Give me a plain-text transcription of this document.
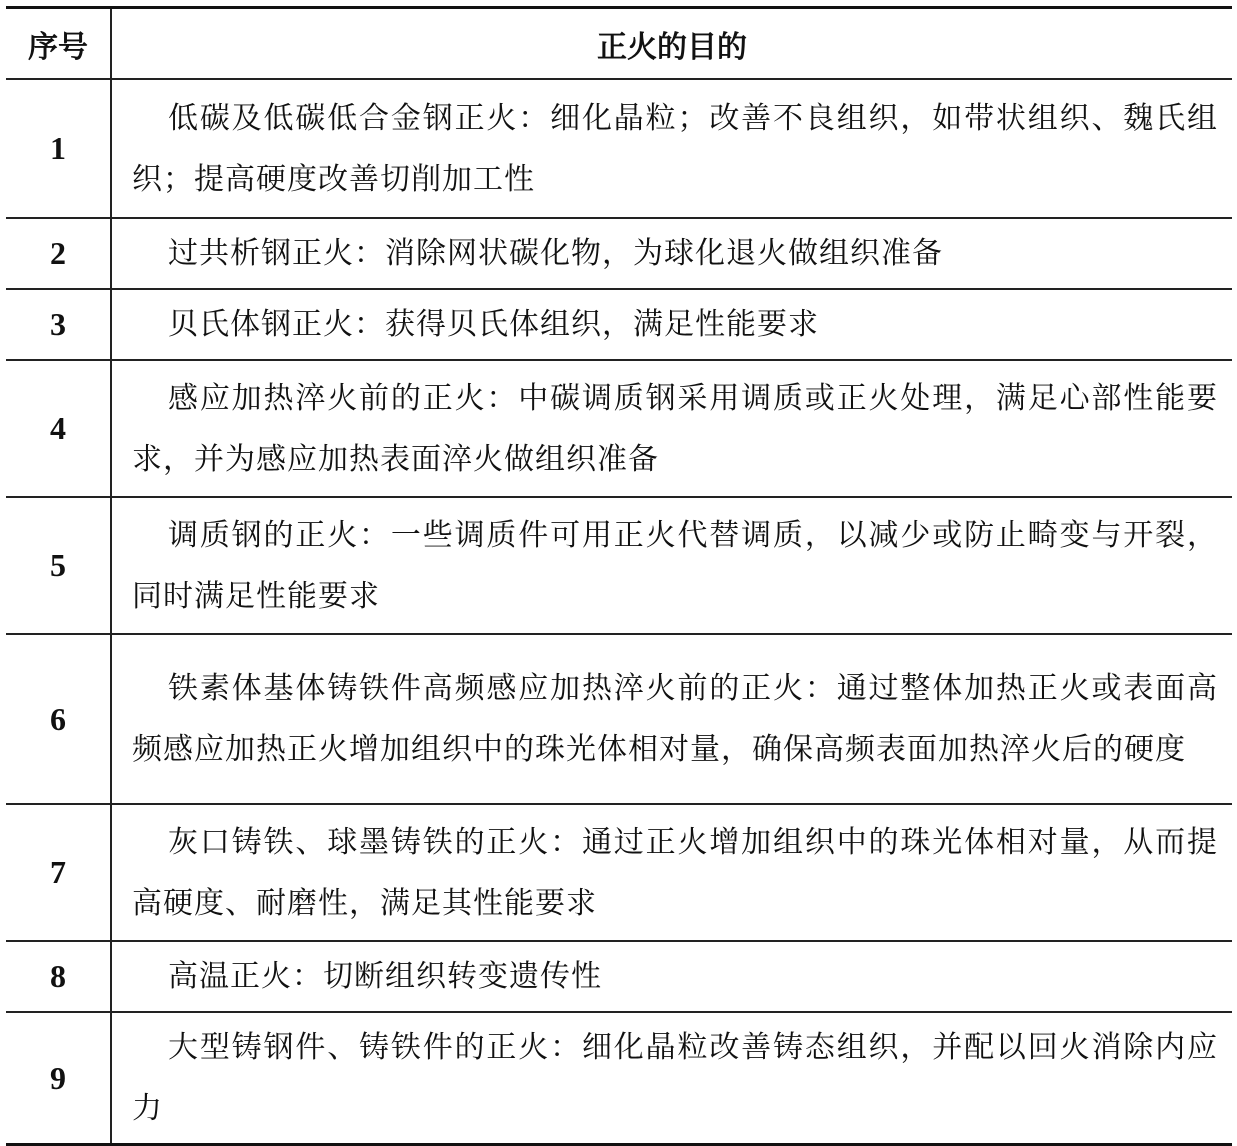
序号	正火的目的
1	低碳及低碳低合金钢正火：细化晶粒；改善不良组织，如带状组织、魏氏组织；提高硬度改善切削加工性
2	过共析钢正火：消除网状碳化物，为球化退火做组织准备
3	贝氏体钢正火：获得贝氏体组织，满足性能要求
4	感应加热淬火前的正火：中碳调质钢采用调质或正火处理，满足心部性能要求，并为感应加热表面淬火做组织准备
5	调质钢的正火：一些调质件可用正火代替调质，以减少或防止畸变与开裂，同时满足性能要求
6	铁素体基体铸铁件高频感应加热淬火前的正火：通过整体加热正火或表面高频感应加热正火增加组织中的珠光体相对量，确保高频表面加热淬火后的硬度
7	灰口铸铁、球墨铸铁的正火：通过正火增加组织中的珠光体相对量，从而提高硬度、耐磨性，满足其性能要求
8	高温正火：切断组织转变遗传性
9	大型铸钢件、铸铁件的正火：细化晶粒改善铸态组织，并配以回火消除内应力
